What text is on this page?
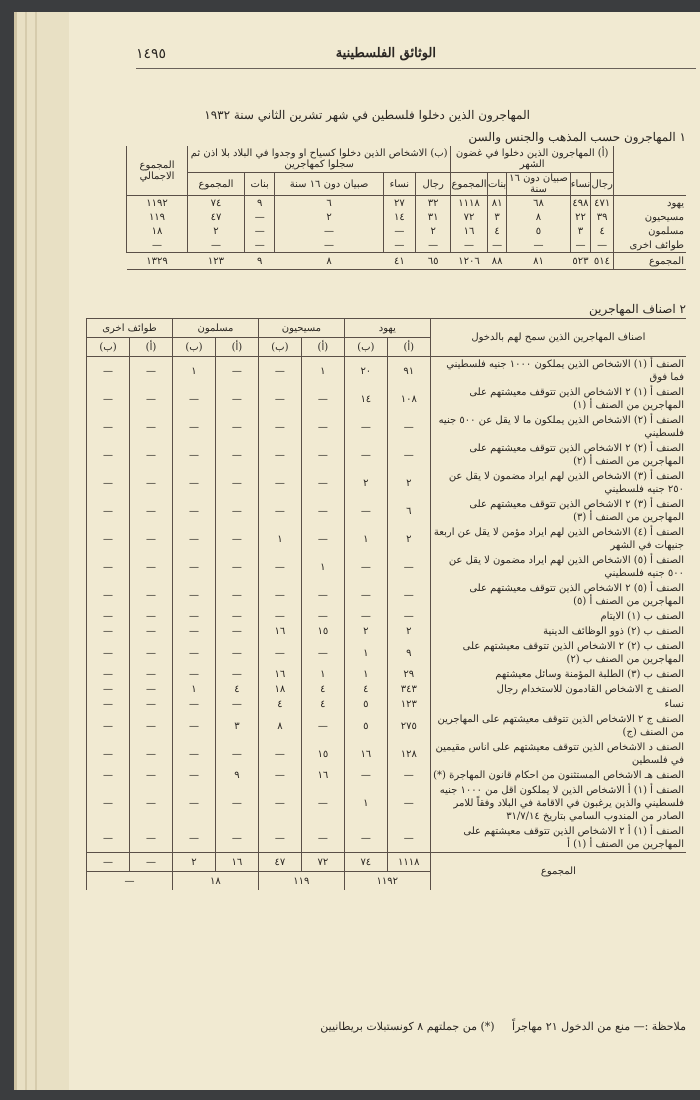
١٤٩٥	الوثائق الفلسطينية
المهاجرون الذين دخلوا فلسطين في شهر تشرين الثاني سنة ١٩٣٢
١ المهاجرون حسب المذهب والجنس والسن
	(أ) المهاجرون الذين دخلوا في غضون الشهر					(ب) الاشخاص الذين دخلوا كسياح او وجدوا في البلاد بلا اذن ثم سجلوا كمهاجرين					المجموع الاجمالي
	رجال	نساء	صبيان دون ١٦ سنة	بنات	المجموع	رجال	نساء	صبيان دون ١٦ سنة	بنات	المجموع	
يهود	٤٧١	٤٩٨	٦٨	٨١	١١١٨	٣٢	٢٧	٦	٩	٧٤	١١٩٢
مسيحيون	٣٩	٢٢	٨	٣	٧٢	٣١	١٤	٢	—	٤٧	١١٩
مسلمون	٤	٣	٥	٤	١٦	٢	—	—	—	٢	١٨
طوائف اخرى	—	—	—	—	—	—	—	—	—	—	—
المجموع	٥١٤	٥٢٣	٨١	٨٨	١٢٠٦	٦٥	٤١	٨	٩	١٢٣	١٣٢٩
٢ اصناف المهاجرين
اصناف المهاجرين الذين سمح لهم بالدخول	يهود		مسيحيون		مسلمون		طوائف اخرى	
	(أ)	(ب)	(أ)	(ب)	(أ)	(ب)	(أ)	(ب)
الصنف أ (١) الاشخاص الذين يملكون ١٠٠٠ جنيه فلسطيني فما فوق	٩١	٢٠	١	—	—	١	—	—
الصنف أ (١) ٢ الاشخاص الذين تتوقف معيشتهم على المهاجرين من الصنف أ (١)	١٠٨	١٤	—	—	—	—	—	—
الصنف أ (٢) الاشخاص الذين يملكون ما لا يقل عن ٥٠٠ جنيه فلسطيني	—	—	—	—	—	—	—	—
الصنف أ (٢) ٢ الاشخاص الذين تتوقف معيشتهم على المهاجرين من الصنف أ (٢)	—	—	—	—	—	—	—	—
الصنف أ (٣) الاشخاص الذين لهم ايراد مضمون لا يقل عن ٢٥٠ جنيه فلسطيني	٢	٢	—	—	—	—	—	—
الصنف أ (٣) ٢ الاشخاص الذين تتوقف معيشتهم على المهاجرين من الصنف أ (٣)	٦	—	—	—	—	—	—	—
الصنف أ (٤) الاشخاص الذين لهم ايراد مؤمن لا يقل عن اربعة جنيهات في الشهر	٢	١	—	١	—	—	—	—
الصنف أ (٥) الاشخاص الذين لهم ايراد مضمون لا يقل عن ٥٠٠ جنيه فلسطيني	—	—	١	—	—	—	—	—
الصنف أ (٥) ٢ الاشخاص الذين تتوقف معيشتهم على المهاجرين من الصنف أ (٥)	—	—	—	—	—	—	—	—
الصنف ب (١) الايتام	—	—	—	—	—	—	—	—
الصنف ب (٢) ذوو الوظائف الدينية	٢	٢	١٥	١٦	—	—	—	—
الصنف ب (٢) ٢ الاشخاص الذين تتوقف معيشتهم على المهاجرين من الصنف ب (٢)	٩	١	—	—	—	—	—	—
الصنف ب (٣) الطلبة المؤمنة وسائل معيشتهم	٢٩	١	١	١٦	—	—	—	—
الصنف ج الاشخاص القادمون للاستخدام رجال	٣٤٣	٤	٤	١٨	٤	١	—	—
نساء	١٢٣	٥	٤	٤	—	—	—	—
الصنف ج ٢ الاشخاص الذين تتوقف معيشتهم على المهاجرين من الصنف (ج)	٢٧٥	٥	—	٨	٣	—	—	—
الصنف د الاشخاص الذين تتوقف معيشتهم على اناس مقيمين في فلسطين	١٢٨	١٦	١٥	—	—	—	—	—
الصنف هـ الاشخاص المستثنون من احكام قانون المهاجرة (*)	—	—	١٦	—	٩	—	—	—
الصنف أ (١) أ الاشخاص الذين لا يملكون اقل من ١٠٠٠ جنيه فلسطيني والذين يرغبون في الاقامة في البلاد وفقاً للامر الصادر من المندوب السامي بتاريخ ٣١/٧/١٤	—	١	—	—	—	—	—	—
الصنف أ (١) أ ٢ الاشخاص الذين تتوقف معيشتهم على المهاجرين من الصنف أ (١) أ	—	—	—	—	—	—	—	—
المجموع	١١١٨	٧٤	٧٢	٤٧	١٦	٢	—	—
	١١٩٢		١١٩		١٨		—	
ملاحظة :— منع من الدخول ٢١ مهاجراً     (*) من جملتهم ٨ كونستبلات بريطانيين
